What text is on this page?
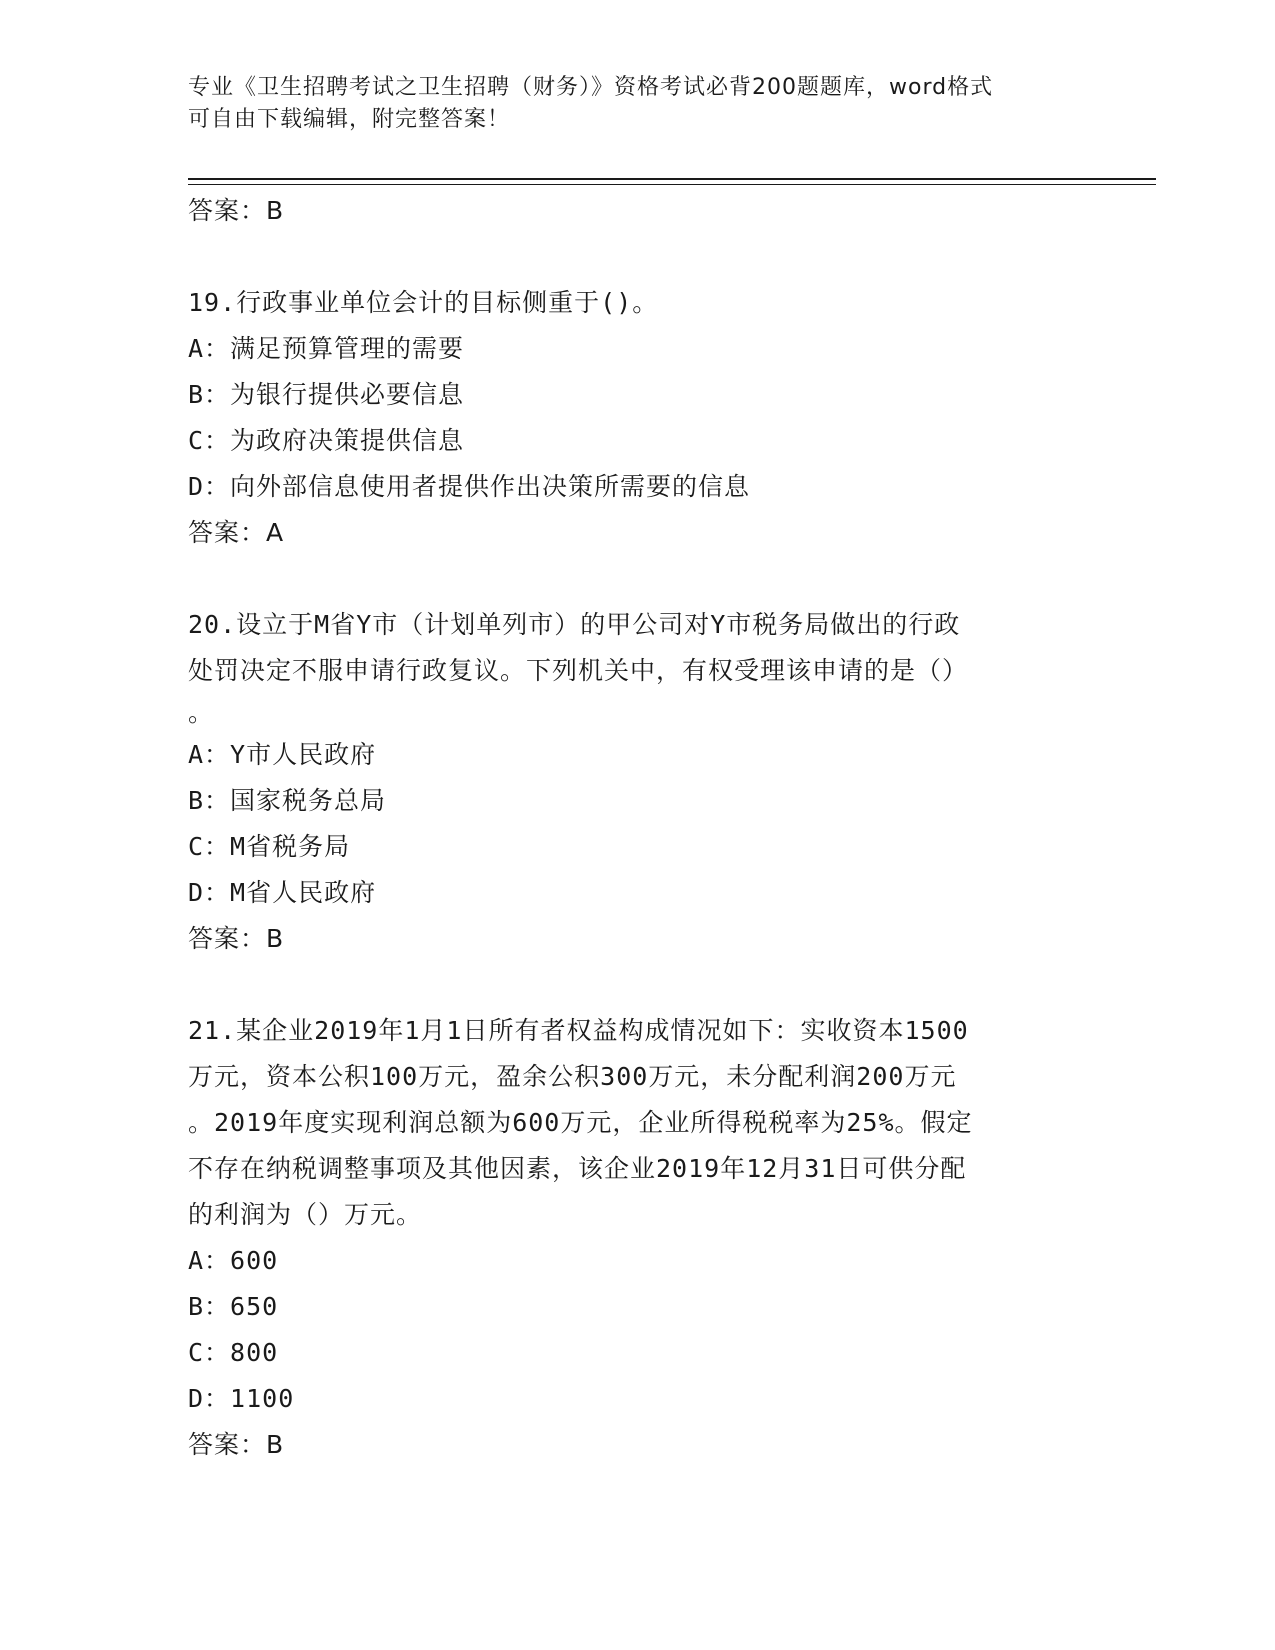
专业《卫生招聘考试之卫生招聘（财务）》资格考试必背200题题库，word格式
可自由下载编辑，附完整答案！
答案：B
19.行政事业单位会计的目标侧重于()。
A：满足预算管理的需要
B：为银行提供必要信息
C：为政府决策提供信息
D：向外部信息使用者提供作出决策所需要的信息
答案：A
20.设立于M省Y市（计划单列市）的甲公司对Y市税务局做出的行政
处罚决定不服申请行政复议。下列机关中，有权受理该申请的是（）
。
A：Y市人民政府
B：国家税务总局
C：M省税务局
D：M省人民政府
答案：B
21.某企业2019年1月1日所有者权益构成情况如下：实收资本1500
万元，资本公积100万元，盈余公积300万元，未分配利润200万元
。2019年度实现利润总额为600万元，企业所得税税率为25%。假定
不存在纳税调整事项及其他因素，该企业2019年12月31日可供分配
的利润为（）万元。
A：600
B：650
C：800
D：1100
答案：B
